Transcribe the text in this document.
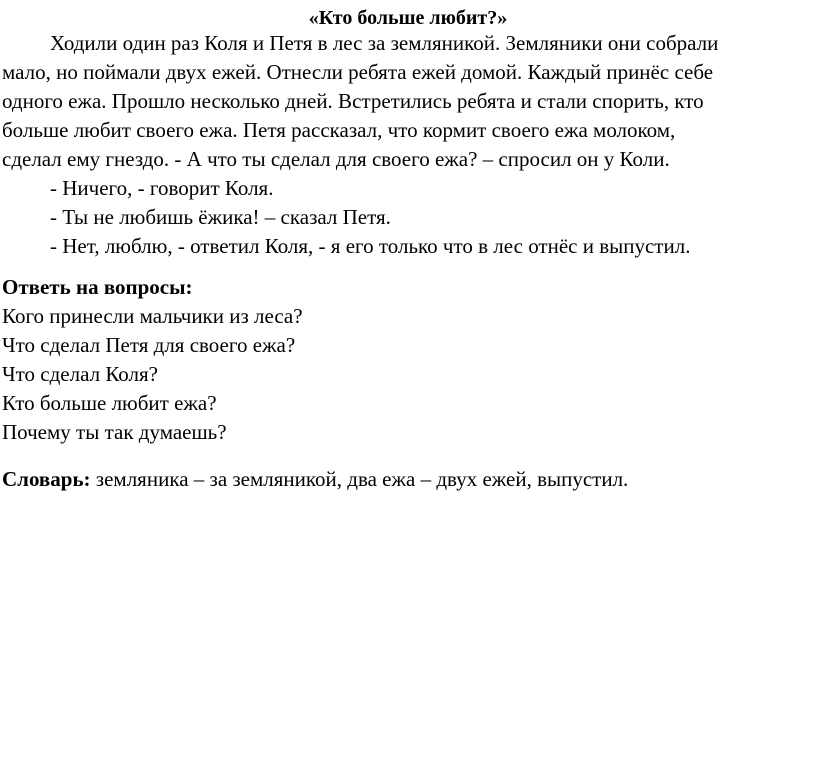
«Кто больше любит?»

Ходили один раз Коля и Петя в лес за земляникой. Земляники они собрали

мало, но поймали двух ежей. Отнесли ребята ежей домой. Каждый принёс себе

одного ежа. Прошло несколько дней. Встретились ребята и стали спорить, кто

больше любит своего ежа. Петя рассказал, что кормит своего ежа молоком,

сделал ему гнездо. - А что ты сделал для своего ежа? – спросил он у Коли.

- Ничего, - говорит Коля.

- Ты не любишь ёжика! – сказал Петя.

- Нет, люблю, - ответил Коля, - я его только что в лес отнёс и выпустил.

Ответь на вопросы:

Кого принесли мальчики из леса?

Что сделал Петя для своего ежа?

Что сделал Коля?

Кто больше любит ежа?

Почему ты так думаешь?

Словарь: земляника – за земляникой, два ежа – двух ежей, выпустил.
